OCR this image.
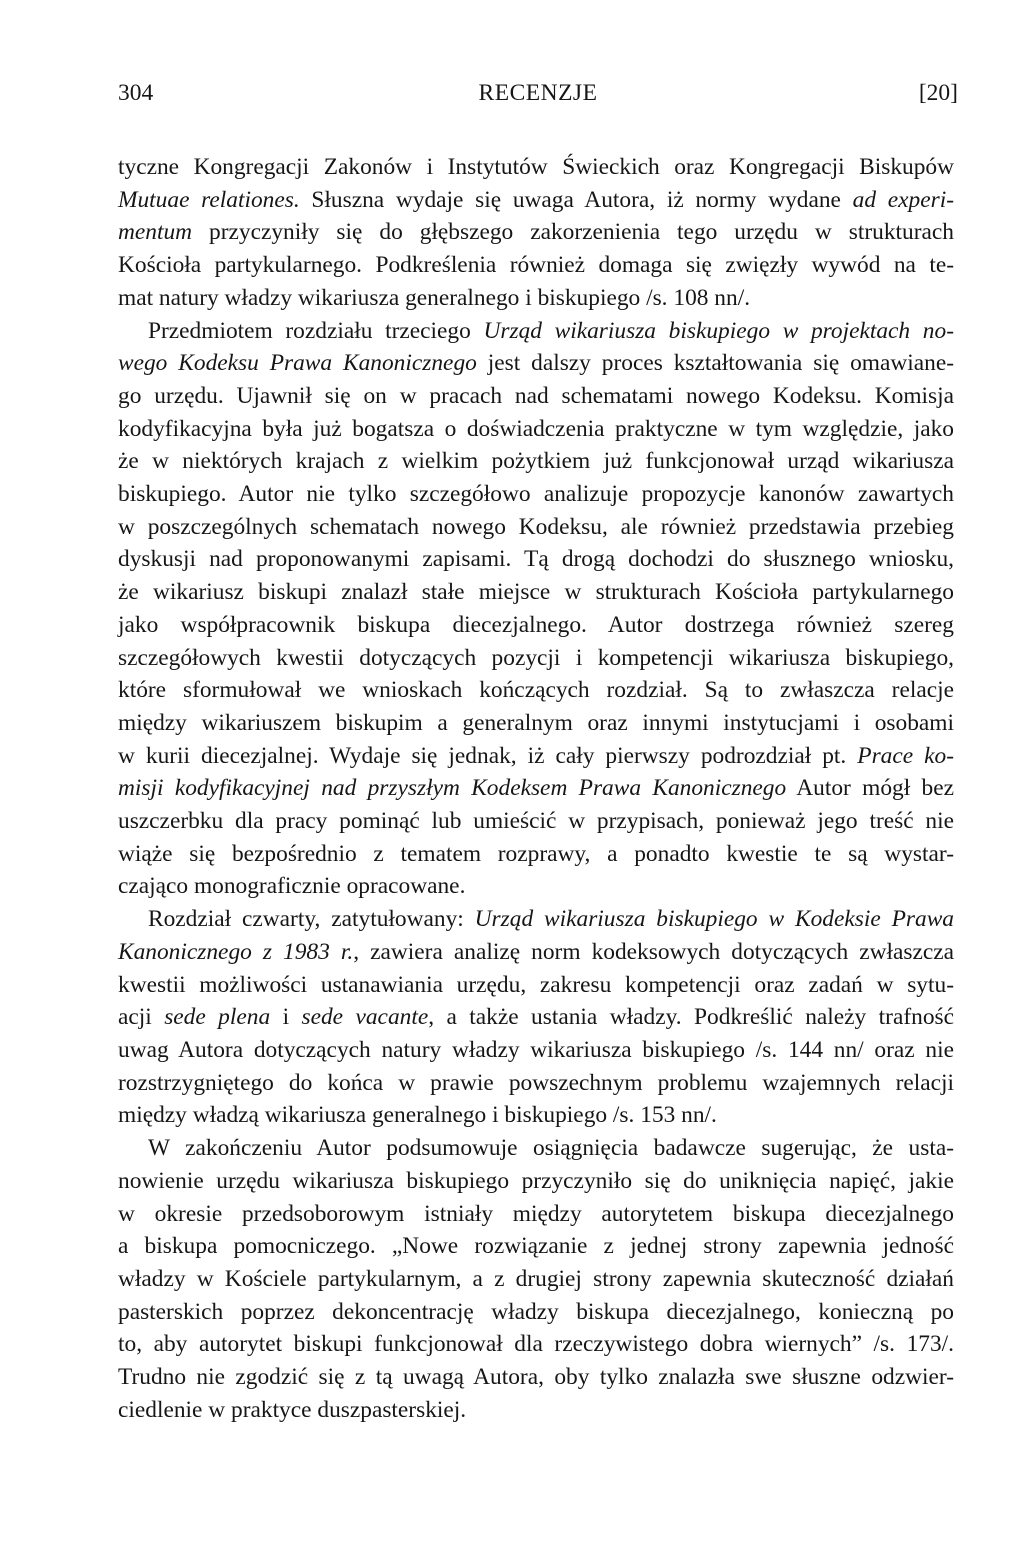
304	RECENZJE	[20]
tyczne Kongregacji Zakonów i Instytutów Świeckich oraz Kongregacji Biskupów
Mutuae relationes. Słuszna wydaje się uwaga Autora, iż normy wydane ad experi-
mentum przyczyniły się do głębszego zakorzenienia tego urzędu w strukturach
Kościoła partykularnego. Podkreślenia również domaga się zwięzły wywód na te-
mat natury władzy wikariusza generalnego i biskupiego /s. 108 nn/.
Przedmiotem rozdziału trzeciego Urząd wikariusza biskupiego w projektach no-
wego Kodeksu Prawa Kanonicznego jest dalszy proces kształtowania się omawiane-
go urzędu. Ujawnił się on w pracach nad schematami nowego Kodeksu. Komisja
kodyfikacyjna była już bogatsza o doświadczenia praktyczne w tym względzie, jako
że w niektórych krajach z wielkim pożytkiem już funkcjonował urząd wikariusza
biskupiego. Autor nie tylko szczegółowo analizuje propozycje kanonów zawartych
w poszczególnych schematach nowego Kodeksu, ale również przedstawia przebieg
dyskusji nad proponowanymi zapisami. Tą drogą dochodzi do słusznego wniosku,
że wikariusz biskupi znalazł stałe miejsce w strukturach Kościoła partykularnego
jako współpracownik biskupa diecezjalnego. Autor dostrzega również szereg
szczegółowych kwestii dotyczących pozycji i kompetencji wikariusza biskupiego,
które sformułował we wnioskach kończących rozdział. Są to zwłaszcza relacje
między wikariuszem biskupim a generalnym oraz innymi instytucjami i osobami
w kurii diecezjalnej. Wydaje się jednak, iż cały pierwszy podrozdział pt. Prace ko-
misji kodyfikacyjnej nad przyszłym Kodeksem Prawa Kanonicznego Autor mógł bez
uszczerbku dla pracy pominąć lub umieścić w przypisach, ponieważ jego treść nie
wiąże się bezpośrednio z tematem rozprawy, a ponadto kwestie te są wystar-
czająco monograficznie opracowane.
Rozdział czwarty, zatytułowany: Urząd wikariusza biskupiego w Kodeksie Prawa
Kanonicznego z 1983 r., zawiera analizę norm kodeksowych dotyczących zwłaszcza
kwestii możliwości ustanawiania urzędu, zakresu kompetencji oraz zadań w sytu-
acji sede plena i sede vacante, a także ustania władzy. Podkreślić należy trafność
uwag Autora dotyczących natury władzy wikariusza biskupiego /s. 144 nn/ oraz nie
rozstrzygniętego do końca w prawie powszechnym problemu wzajemnych relacji
między władzą wikariusza generalnego i biskupiego /s. 153 nn/.
W zakończeniu Autor podsumowuje osiągnięcia badawcze sugerując, że usta-
nowienie urzędu wikariusza biskupiego przyczyniło się do uniknięcia napięć, jakie
w okresie przedsoborowym istniały między autorytetem biskupa diecezjalnego
a biskupa pomocniczego. „Nowe rozwiązanie z jednej strony zapewnia jedność
władzy w Kościele partykularnym, a z drugiej strony zapewnia skuteczność działań
pasterskich poprzez dekoncentrację władzy biskupa diecezjalnego, konieczną po
to, aby autorytet biskupi funkcjonował dla rzeczywistego dobra wiernych” /s. 173/.
Trudno nie zgodzić się z tą uwagą Autora, oby tylko znalazła swe słuszne odzwier-
ciedlenie w praktyce duszpasterskiej.
